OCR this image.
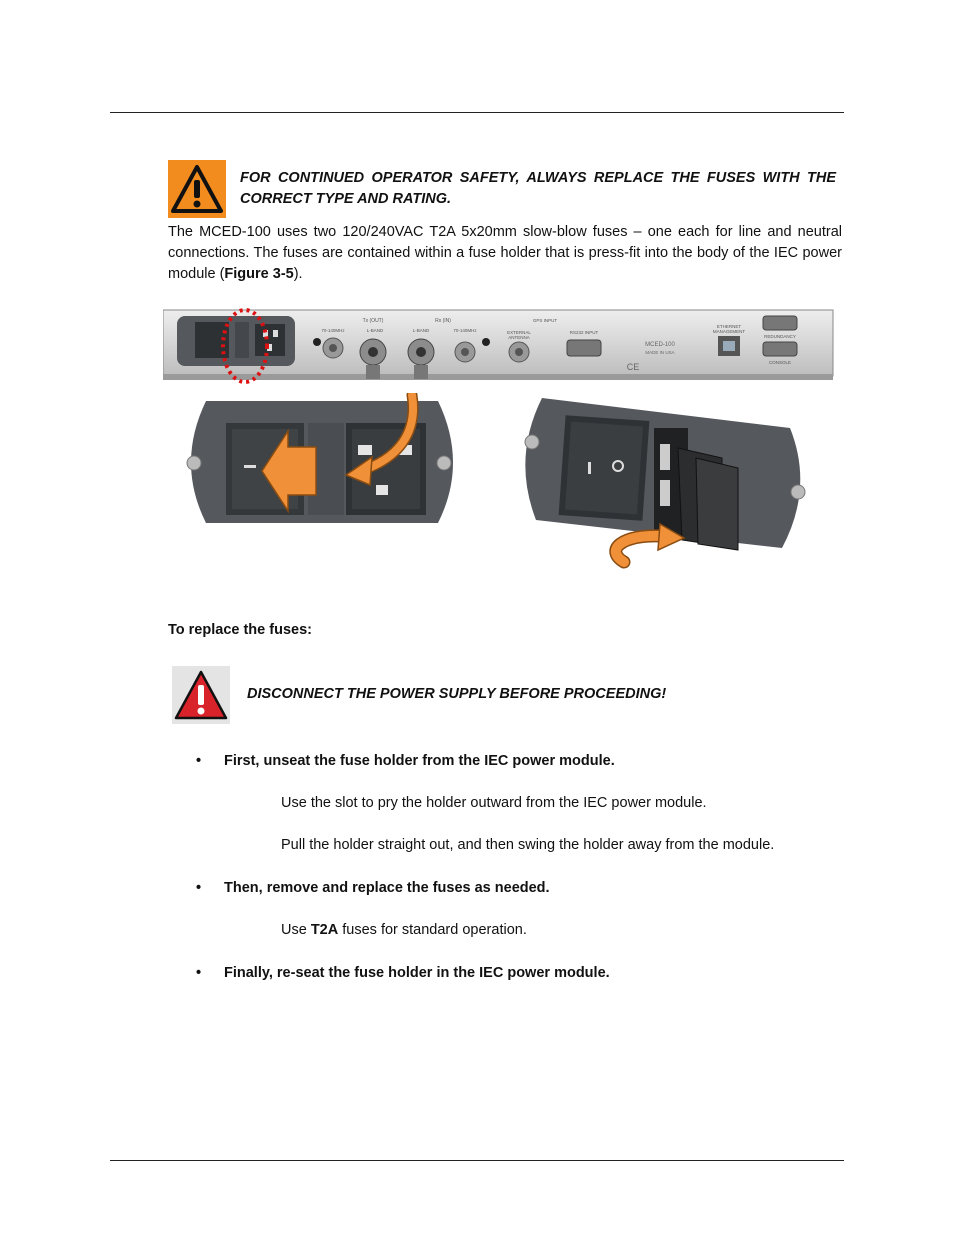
FOR CONTINUED OPERATOR SAFETY, ALWAYS REPLACE THE FUSES WITH THE CORRECT TYPE AND RATING.
The MCED-100 uses two 120/240VAC T2A 5x20mm slow-blow fuses – one each for line and neutral connections. The fuses are contained within a fuse holder that is press-fit into the body of the IEC power module (Figure 3-5).
Tx (OUT)
70-140MHz	L-BAND
Rx (IN)
L-BAND	70-140MHz	EXTERNAL ANTENNA
GPS INPUT
RS232 INPUT
MCED-100
MADE IN USA
CE
ETHERNET MANAGEMENT
REDUNDANCY
CONSOLE
To replace the fuses:
DISCONNECT THE POWER SUPPLY BEFORE PROCEEDING!
• First, unseat the fuse holder from the IEC power module.
Use the slot to pry the holder outward from the IEC power module.
Pull the holder straight out, and then swing the holder away from the module.
• Then, remove and replace the fuses as needed.
Use T2A fuses for standard operation.
• Finally, re-seat the fuse holder in the IEC power module.
